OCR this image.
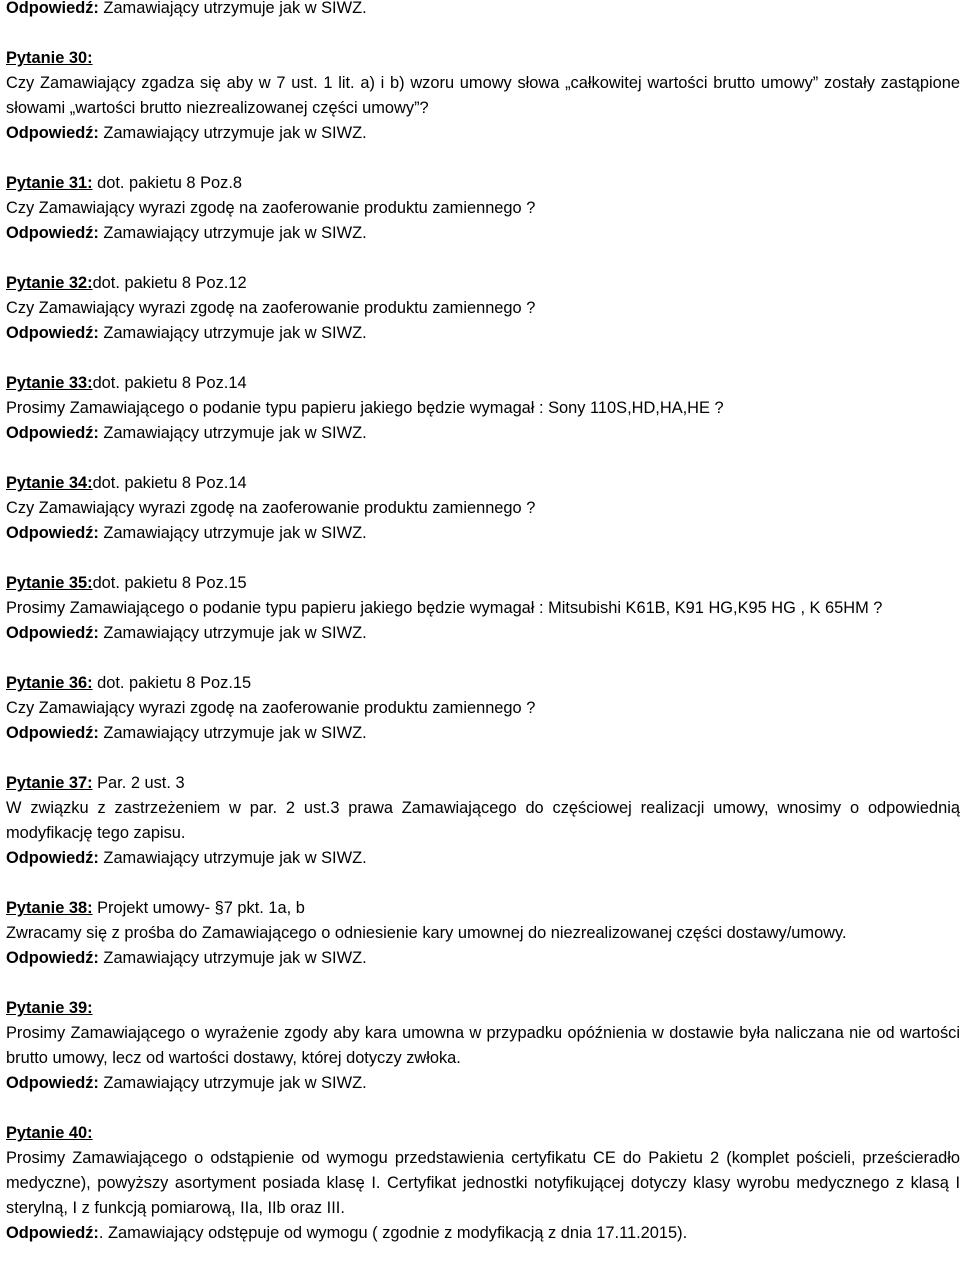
Odpowiedź: Zamawiający utrzymuje jak w SIWZ.
Pytanie 30:
Czy Zamawiający zgadza się aby w 7 ust. 1 lit. a) i b) wzoru umowy słowa „całkowitej wartości brutto umowy” zostały zastąpione słowami „wartości brutto niezrealizowanej części umowy”?
Odpowiedź: Zamawiający utrzymuje jak w SIWZ.
Pytanie 31: dot. pakietu 8 Poz.8
Czy Zamawiający wyrazi zgodę na zaoferowanie produktu zamiennego ?
Odpowiedź: Zamawiający utrzymuje jak w SIWZ.
Pytanie 32:dot. pakietu 8 Poz.12
Czy Zamawiający wyrazi zgodę na zaoferowanie produktu zamiennego ?
Odpowiedź: Zamawiający utrzymuje jak w SIWZ.
Pytanie 33:dot. pakietu 8 Poz.14
Prosimy Zamawiającego o podanie typu papieru jakiego będzie wymagał : Sony 110S,HD,HA,HE ?
Odpowiedź: Zamawiający utrzymuje jak w SIWZ.
Pytanie 34:dot. pakietu 8 Poz.14
Czy Zamawiający wyrazi zgodę na zaoferowanie produktu zamiennego ?
Odpowiedź: Zamawiający utrzymuje jak w SIWZ.
Pytanie 35:dot. pakietu 8 Poz.15
Prosimy Zamawiającego o podanie typu papieru jakiego będzie wymagał : Mitsubishi K61B, K91 HG,K95 HG , K 65HM ?
Odpowiedź: Zamawiający utrzymuje jak w SIWZ.
Pytanie 36: dot. pakietu 8 Poz.15
Czy Zamawiający wyrazi zgodę na zaoferowanie produktu zamiennego ?
Odpowiedź: Zamawiający utrzymuje jak w SIWZ.
Pytanie 37: Par. 2 ust. 3
W związku z zastrzeżeniem w par. 2 ust.3 prawa Zamawiającego do częściowej realizacji umowy, wnosimy o odpowiednią modyfikację tego zapisu.
Odpowiedź: Zamawiający utrzymuje jak w SIWZ.
Pytanie 38: Projekt umowy- §7 pkt. 1a, b
Zwracamy się z prośba do Zamawiającego o odniesienie kary umownej do niezrealizowanej części dostawy/umowy.
Odpowiedź: Zamawiający utrzymuje jak w SIWZ.
Pytanie 39:
Prosimy Zamawiającego o wyrażenie zgody aby kara umowna w przypadku opóźnienia w dostawie była naliczana nie od wartości brutto umowy, lecz od wartości dostawy, której dotyczy zwłoka.
Odpowiedź: Zamawiający utrzymuje jak w SIWZ.
Pytanie 40:
Prosimy Zamawiającego o odstąpienie od wymogu przedstawienia certyfikatu CE do Pakietu 2 (komplet pościeli, prześcieradło medyczne), powyższy asortyment posiada klasę I. Certyfikat jednostki notyfikującej dotyczy klasy wyrobu medycznego z klasą I sterylną, I z funkcją pomiarową, IIa, IIb oraz III.
Odpowiedź:. Zamawiający odstępuje od wymogu ( zgodnie z modyfikacją z dnia 17.11.2015).
